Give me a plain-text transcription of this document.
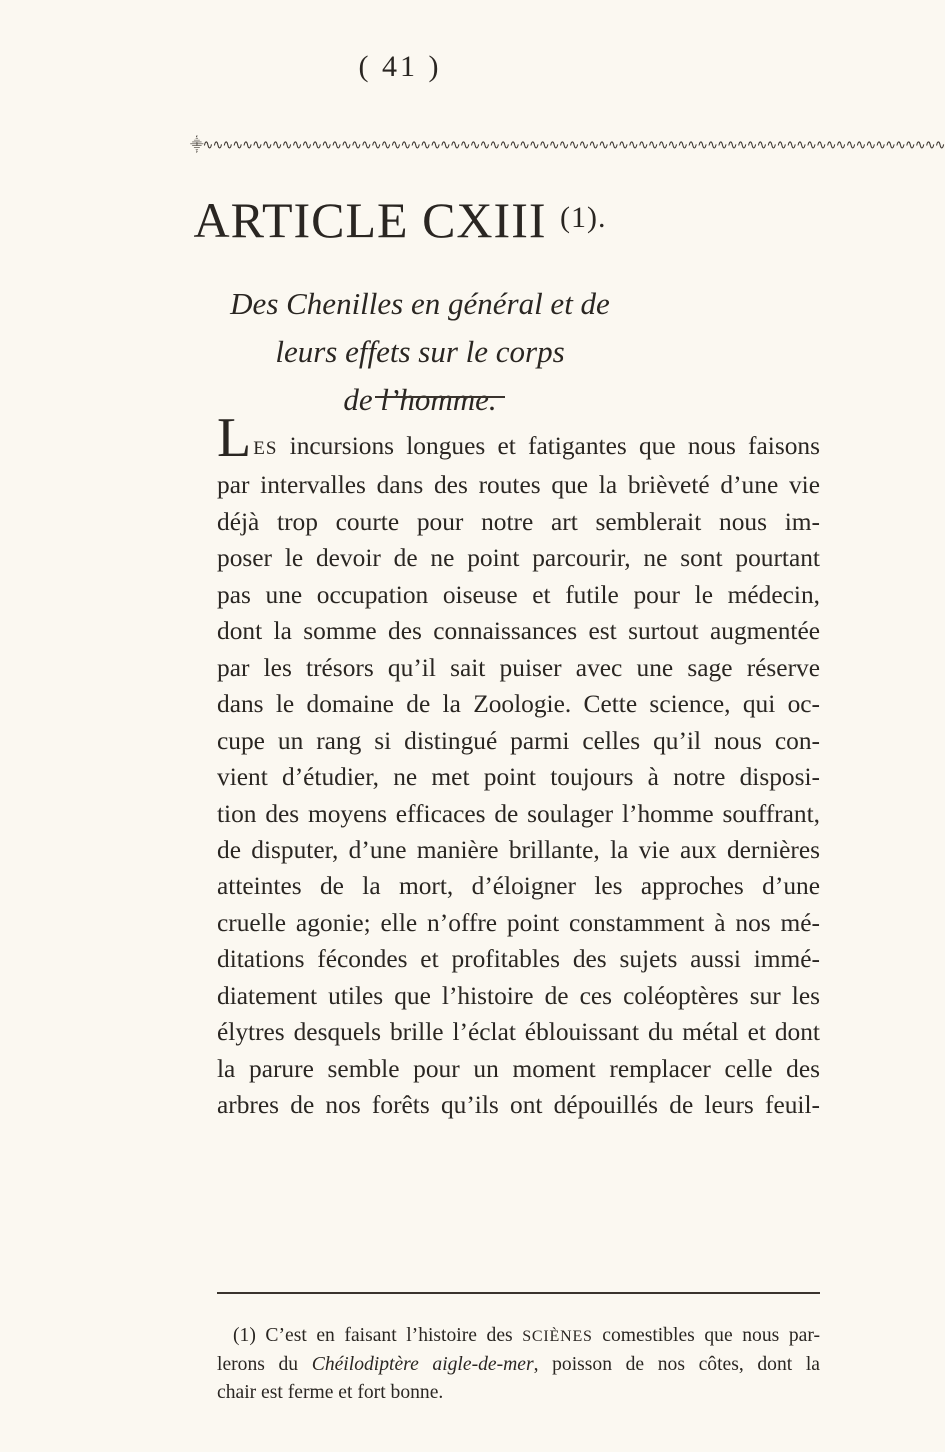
( 41 )
⸎∿∿∿∿∿∿∿∿∿∿∿∿∿∿∿∿∿∿∿∿∿∿∿∿∿∿∿∿∿∿∿∿∿∿∿∿∿∿∿∿∿∿∿∿∿∿∿∿∿∿∿∿∿∿∿∿∿∿∿∿∿∿∿∿∿∿∿∿∿∿∿∿∿∿∿
ARTICLE CXIII $^{(1).}$
Des Chenilles en général et de leurs effets sur le corps
de l’homme.
LES incursions longues et fatigantes que nous faisons
par intervalles dans des routes que la brièveté d’une vie
déjà trop courte pour notre art semblerait nous im-
poser le devoir de ne point parcourir, ne sont pourtant
pas une occupation oiseuse et futile pour le médecin,
dont la somme des connaissances est surtout augmentée
par les trésors qu’il sait puiser avec une sage réserve
dans le domaine de la Zoologie. Cette science, qui oc-
cupe un rang si distingué parmi celles qu’il nous con-
vient d’étudier, ne met point toujours à notre disposi-
tion des moyens efficaces de soulager l’homme souffrant,
de disputer, d’une manière brillante, la vie aux dernières
atteintes de la mort, d’éloigner les approches d’une
cruelle agonie; elle n’offre point constamment à nos mé-
ditations fécondes et profitables des sujets aussi immé-
diatement utiles que l’histoire de ces coléoptères sur les
élytres desquels brille l’éclat éblouissant du métal et dont
la parure semble pour un moment remplacer celle des
arbres de nos forêts qu’ils ont dépouillés de leurs feuil-
(1) C’est en faisant l’histoire des SCIÈNES comestibles que nous par-
lerons du Chéilodiptère aigle-de-mer, poisson de nos côtes, dont la
chair est ferme et fort bonne.
